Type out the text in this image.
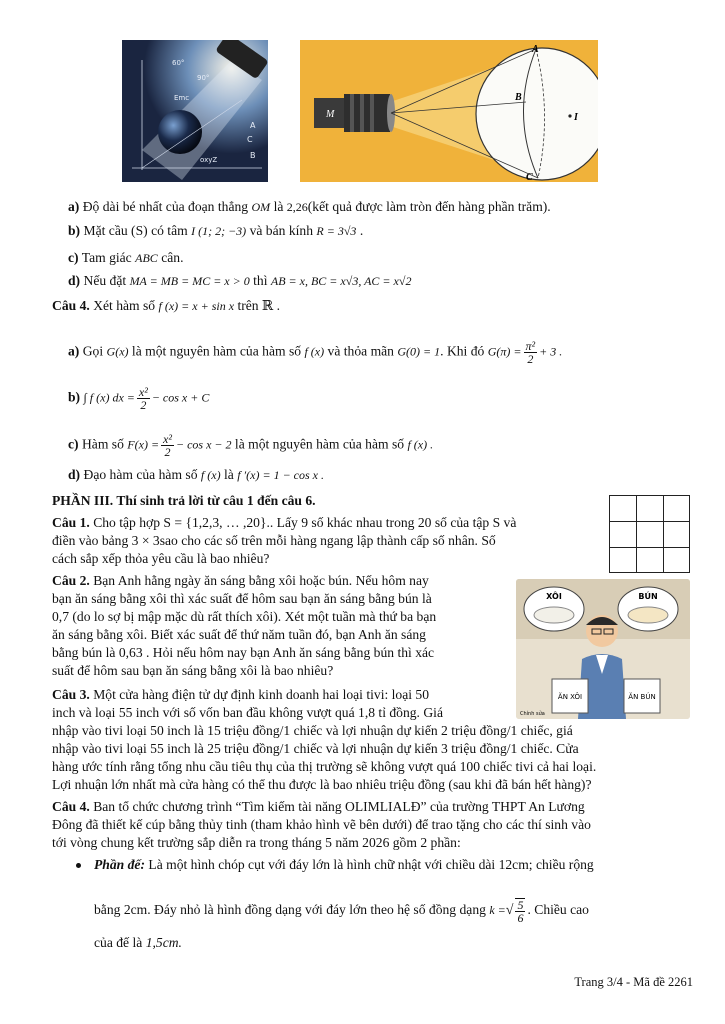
60°
90°
Emc
oxyZ
C
B
A
A
B
C
M	I
a) Độ dài bé nhất của đoạn thẳng OM là 2,26(kết quả được làm tròn đến hàng phần trăm).
b) Mặt cầu (S) có tâm I (1; 2; −3) và bán kính R = 3√3 .
c) Tam giác ABC cân.
d) Nếu đặt MA = MB = MC = x > 0 thì AB = x, BC = x√3, AC = x√2
Câu 4. Xét hàm số f (x) = x + sin x trên ℝ .
a) Gọi G(x) là một nguyên hàm của hàm số f (x) và thỏa mãn G(0) = 1. Khi đó $G(\pi) = \frac{\text{π²}}{2} + 3$ .
b) ∫ f (x) dx = $\frac{\text{x²}}{2} - \cos x + C$
c) Hàm số $F(x) = \frac{\text{x²}}{2} - \cos x - 2$ là một nguyên hàm của hàm số f (x) .
d) Đạo hàm của hàm số f (x) là f ′(x) = 1 − cos x .
PHẦN III. Thí sinh trả lời từ câu 1 đến câu 6.
Câu 1. Cho tập hợp S = {1,2,3, … ,20}.. Lấy 9 số khác nhau trong 20 số của tập S và
điền vào bảng 3 × 3sao cho các số trên mỗi hàng ngang lập thành cấp số nhân. Số
cách sắp xếp thỏa yêu cầu là bao nhiêu?
Câu 2. Bạn Anh hằng ngày ăn sáng bằng xôi hoặc bún. Nếu hôm nay
bạn ăn sáng bằng xôi thì xác suất để hôm sau bạn ăn sáng bằng bún là
0,7 (do lo sợ bị mập mặc dù rất thích xôi). Xét một tuần mà thứ ba bạn
ăn sáng bằng xôi. Biết xác suất để thứ năm tuần đó, bạn Anh ăn sáng
bằng bún là 0,63 . Hỏi nếu hôm nay bạn Anh ăn sáng bằng bún thì xác
suất để hôm sau bạn ăn sáng bằng xôi là bao nhiêu?
XÔI	BÚN
ĂN XÔI	ĂN BÚN
Chính sửa
Câu 3. Một cửa hàng điện tử dự định kinh doanh hai loại tivi: loại 50
inch và loại 55 inch với số vốn ban đầu không vượt quá 1,8 tỉ đồng. Giá
nhập vào tivi loại 50 inch là 15 triệu đồng/1 chiếc và lợi nhuận dự kiến 2 triệu đồng/1 chiếc, giá
nhập vào tivi loại 55 inch là 25 triệu đồng/1 chiếc và lợi nhuận dự kiến 3 triệu đồng/1 chiếc. Cửa
hàng ước tính rằng tổng nhu cầu tiêu thụ của thị trường sẽ không vượt quá 100 chiếc tivi cả hai loại.
Lợi nhuận lớn nhất mà cửa hàng có thể thu được là bao nhiêu triệu đồng (sau khi đã bán hết hàng)?
Câu 4. Ban tổ chức chương trình “Tìm kiếm tài năng OLIMLIALĐ” của trường THPT An Lương
Đông đã thiết kế cúp bằng thủy tinh (tham khảo hình vẽ bên dưới) để trao tặng cho các thí sinh vào
tới vòng chung kết trường sắp diễn ra trong tháng 5 năm 2026 gồm 2 phần:
Phần đế: Là một hình chóp cụt với đáy lớn là hình chữ nhật với chiều dài 12cm; chiều rộng
bằng 2cm. Đáy nhỏ là hình đồng dạng với đáy lớn theo hệ số đồng dạng k =√ $\frac{5}{6}$ . Chiều cao
của đế là 1,5cm.
Trang 3/4 - Mã đề 2261
